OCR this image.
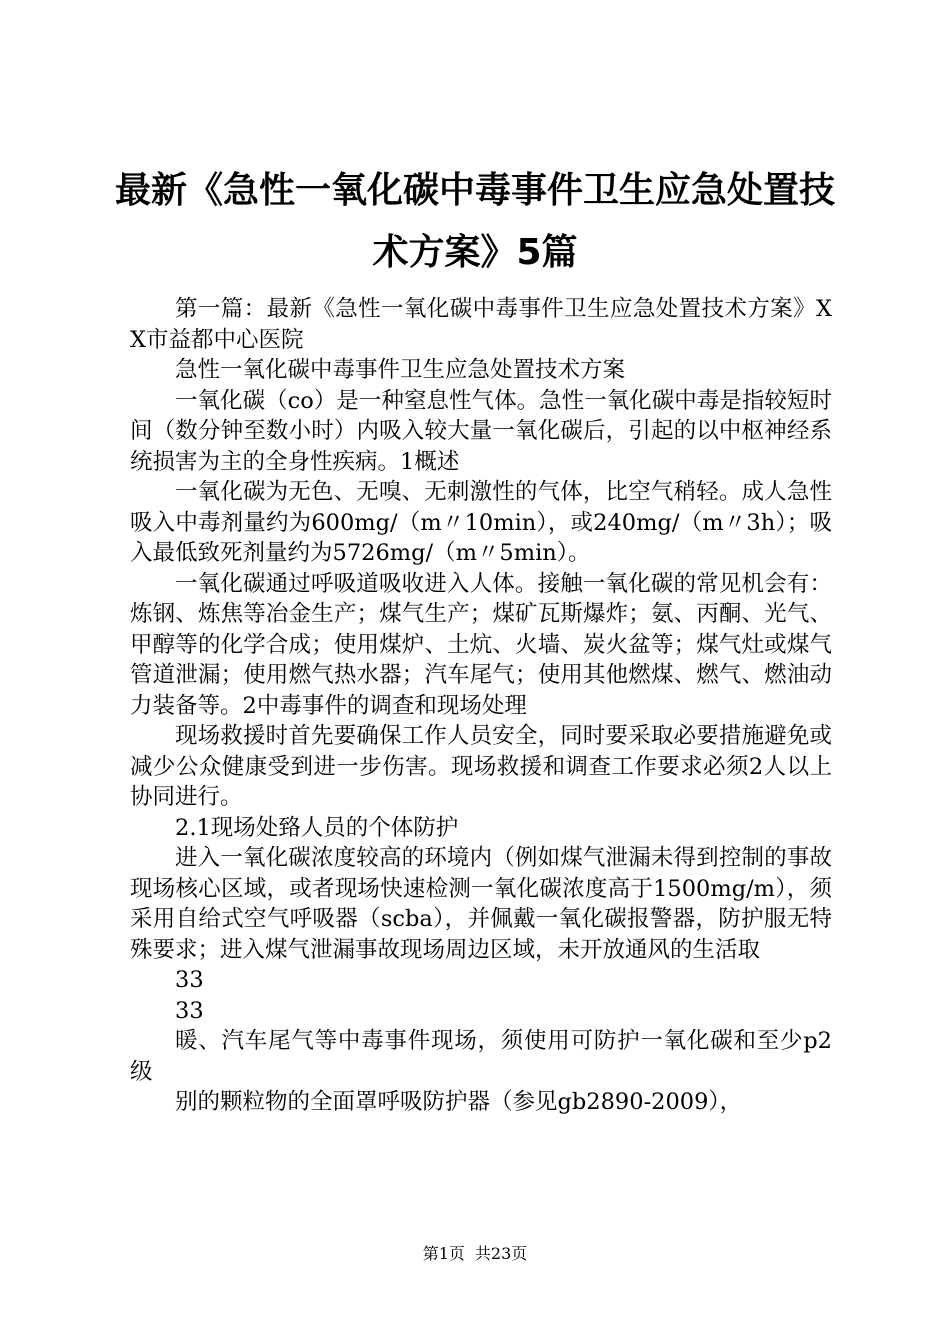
最新《急性一氧化碳中毒事件卫生应急处置技术方案》5篇

第一篇：最新《急性一氧化碳中毒事件卫生应急处置技术方案》XX市益都中心医院

急性一氧化碳中毒事件卫生应急处置技术方案

一氧化碳（co）是一种窒息性气体。急性一氧化碳中毒是指较短时间（数分钟至数小时）内吸入较大量一氧化碳后，引起的以中枢神经系统损害为主的全身性疾病。1概述

一氧化碳为无色、无嗅、无刺激性的气体，比空气稍轻。成人急性吸入中毒剂量约为600mg/（m〃10min），或240mg/（m〃3h）；吸入最低致死剂量约为5726mg/（m〃5min）。

一氧化碳通过呼吸道吸收进入人体。接触一氧化碳的常见机会有：炼钢、炼焦等冶金生产；煤气生产；煤矿瓦斯爆炸；氨、丙酮、光气、甲醇等的化学合成；使用煤炉、土炕、火墙、炭火盆等；煤气灶或煤气管道泄漏；使用燃气热水器；汽车尾气；使用其他燃煤、燃气、燃油动力装备等。2中毒事件的调查和现场处理

现场救援时首先要确保工作人员安全，同时要采取必要措施避免或减少公众健康受到进一步伤害。现场救援和调查工作要求必须2人以上协同进行。

2.1现场处臵人员的个体防护

进入一氧化碳浓度较高的环境内（例如煤气泄漏未得到控制的事故现场核心区域，或者现场快速检测一氧化碳浓度高于1500mg/m），须采用自给式空气呼吸器（scba），并佩戴一氧化碳报警器，防护服无特殊要求；进入煤气泄漏事故现场周边区域，未开放通风的生活取

33

33

暖、汽车尾气等中毒事件现场，须使用可防护一氧化碳和至少p2级

别的颗粒物的全面罩呼吸防护器（参见gb2890-2009），

第1页 共23页
